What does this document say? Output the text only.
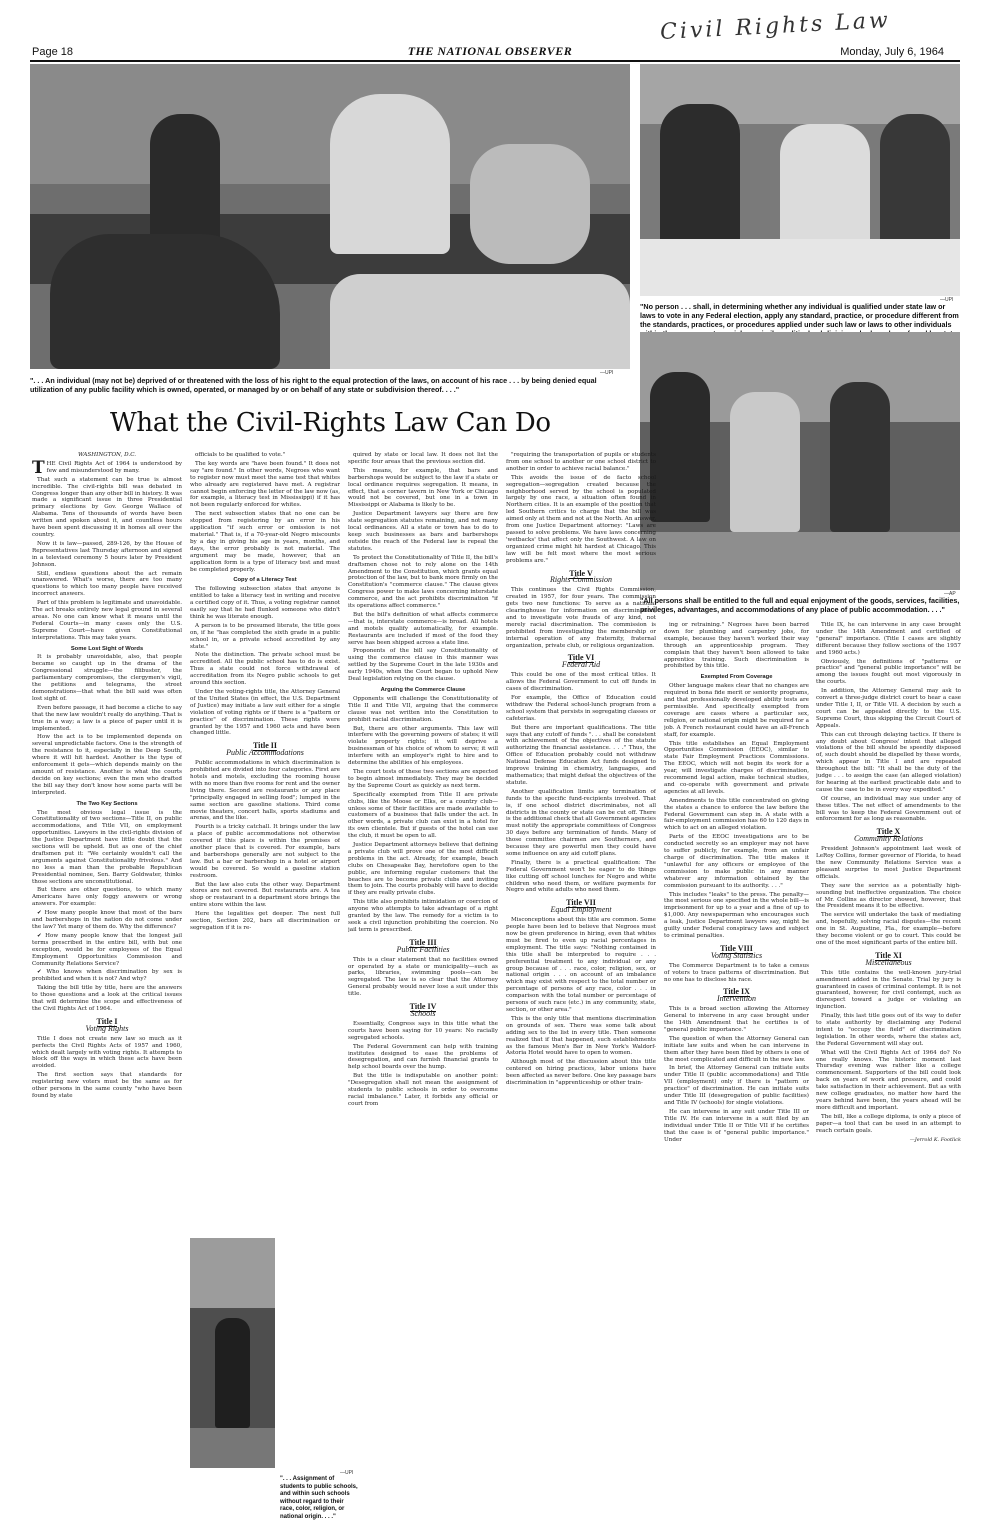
Civil Rights Law
Page 18	THE NATIONAL OBSERVER	Monday, July 6, 1964
—UPI
". . . An individual (may not be) deprived of or threatened with the loss of his right to the equal protection of the laws, on account of his race . . . by being denied equal utilization of any public facility which is owned, operated, or managed by or on behalf of any state or subdivision thereof. . . ."
—UPI
"No person . . . shall, in determining whether any individual is qualified under state law or laws to vote in any Federal election, apply any standard, practice, or procedure different from the standards, practices, or procedures applied under such law or laws to other individuals
—AP
"All persons shall be entitled to the full and equal enjoyment of the goods, services, facilities, privileges, advantages, and accommodations of any place of public accommodation. . . ."
What the Civil-Rights Law Can Do
—UPI
". . . Assignment of students to public schools, and within such schools without regard to their race, color, religion, or national origin. . . ."

WASHINGTON, D.C.

THE Civil Rights Act of 1964 is understood by few and misunderstood by many.

That such a statement can be true is almost incredible. The civil-rights bill was debated in Congress longer than any other bill in history. It was made a significant issue in three Presidential primary elections by Gov. George Wallace of Alabama. Tens of thousands of words have been written and spoken about it, and countless hours have been spent discussing it in homes all over the country.

Now it is law—passed, 289-126, by the House of Representatives last Thursday afternoon and signed in a televised ceremony 5 hours later by President Johnson.

Still, endless questions about the act remain unanswered. What's worse, there are too many questions to which too many people have received incorrect answers.

Part of this problem is legitimate and unavoidable. The act breaks entirely new legal ground in several areas. No one can know what it means until the Federal Courts—in many cases only the U.S. Supreme Court—have given Constitutional interpretations. This may take years.

Some Lost Sight of Words

It is probably unavoidable, also, that people became so caught up in the drama of the Congressional struggle—the filibuster, the parliamentary compromises, the clergymen's vigil, the petitions and telegrams, the street demonstrations—that what the bill said was often lost sight of.

Even before passage, it had become a cliche to say that the new law wouldn't really do anything. That is true in a way; a law is a piece of paper until it is implemented.

How the act is to be implemented depends on several unpredictable factors. One is the strength of the resistance to it, especially in the Deep South, where it will hit hardest. Another is the type of enforcement it gets—which depends mainly on the amount of resistance. Another is what the courts decide on key sections; even the men who drafted the bill say they don't know how some parts will be interpreted.

The Two Key Sections

The most obvious legal issue is the Constitutionality of two sections—Title II, on public accommodations, and Title VII, on employment opportunities. Lawyers in the civil-rights division of the Justice Department have little doubt that the sections will be upheld. But as one of the chief draftsmen put it: "We certainly wouldn't call the arguments against Constitutionality frivolous." And no less a man than the probable Republican Presidential nominee, Sen. Barry Goldwater, thinks those sections are unconstitutional.

But there are other questions, to which many Americans have only foggy answers or wrong answers. For example:

✔ How many people know that most of the bars and barbershops in the nation do not come under the law? Yet many of them do. Why the difference?

✔ How many people know that the longest jail terms prescribed in the entire bill, with but one exception, would be for employees of the Equal Employment Opportunities Commission and Community Relations Service?

✔ Who knows when discrimination by sex is prohibited and when it is not? And why?

Taking the bill title by title, here are the answers to those questions and a look at the critical issues that will determine the scope and effectiveness of the Civil Rights Act of 1964.

Title I
Voting Rights

Title I does not create new law so much as it perfects the Civil Rights Acts of 1957 and 1960, which dealt largely with voting rights. It attempts to block off the ways in which these acts have been avoided.

The first section says that standards for registering new voters must be the same as for other persons in the same county "who have been found by state

officials to be qualified to vote."

The key words are "have been found." It does not say "are found." In other words, Negroes who want to register now must meet the same test that whites who already are registered have met. A registrar cannot begin enforcing the letter of the law now (as, for example, a literacy test in Mississippi) if it has not been regularly enforced for whites.

The next subsection states that no one can be stopped from registering by an error in his application "if such error or omission is not material." That is, if a 70-year-old Negro miscounts by a day in giving his age in years, months, and days, the error probably is not material. The argument may be made, however, that an application form is a type of literacy test and must be completed properly.

Copy of a Literacy Test

The following subsection states that anyone is entitled to take a literacy test in writing and receive a certified copy of it. Thus, a voting registrar cannot easily say that he had flunked someone who didn't think he was literate enough.

A person is to be presumed literate, the title goes on, if he "has completed the sixth grade in a public school in, or a private school accredited by any state."

Note the distinction. The private school must be accredited. All the public school has to do is exist. Thus a state could not force withdrawal of accreditation from its Negro public schools to get around this section.

Under the voting-rights title, the Attorney General of the United States (in effect, the U.S. Department of Justice) may initiate a law suit either for a single violation of voting rights or if there is a "pattern or practice" of discrimination. These rights were granted by the 1957 and 1960 acts and have been changed little.

Title II
Public Accommodations

Public accommodations in which discrimination is prohibited are divided into four categories. First are hotels and motels, excluding the rooming house with no more than five rooms for rent and the owner living there. Second are restaurants or any place "principally engaged in selling food"; lumped in the same section are gasoline stations. Third come movie theaters, concert halls, sports stadiums and arenas, and the like.

Fourth is a tricky catchall. It brings under the law a place of public accommodations not otherwise covered if this place is within the premises of another place that is covered. For example, bars and barbershops generally are not subject to the law. But a bar or barbershop in a hotel or airport would be covered. So would a gasoline station restroom.

But the law also cuts the other way. Department stores are not covered. But restaurants are. A tea shop or restaurant in a department store brings the entire store within the law.

Here the legalities get deeper. The next full section, Section 202, bars all discrimination or segregation if it is re-

quired by state or local law. It does not list the specific four areas that the previous section did.

This means, for example, that bars and barbershops would be subject to the law if a state or local ordinance requires segregation. It means, in effect, that a corner tavern in New York or Chicago would not be covered, but one in a town in Mississippi or Alabama is likely to be.

Justice Department lawyers say there are few state segregation statutes remaining, and not many local ordinances. All a state or town has to do to keep such businesses as bars and barbershops outside the reach of the Federal law is repeal the statutes.

To protect the Constitutionality of Title II, the bill's draftsmen chose not to rely alone on the 14th Amendment to the Constitution, which grants equal protection of the law, but to bank more firmly on the Constitution's "commerce clause." The clause gives Congress power to make laws concerning interstate commerce, and the act prohibits discrimination "if its operations affect commerce."

But the bill's definition of what affects commerce—that is, interstate commerce—is broad. All hotels and motels qualify automatically, for example. Restaurants are included if most of the food they serve has been shipped across a state line.

Proponents of the bill say Constitutionality of using the commerce clause in this manner was settled by the Supreme Court in the late 1930s and early 1940s, when the Court began to uphold New Deal legislation relying on the clause.

Arguing the Commerce Clause

Opponents will challenge the Constitutionality of Title II and Title VII, arguing that the commerce clause was not written into the Constitution to prohibit racial discrimination.

But, there are other arguments. This law will interfere with the governing powers of states; it will violate property rights; it will deprive a businessman of his choice of whom to serve; it will interfere with an employer's right to hire and to determine the abilities of his employees.

The court tests of these two sections are expected to begin almost immediately. They may be decided by the Supreme Court as quickly as next term.

Specifically exempted from Title II are private clubs, like the Moose or Elks, or a country club—unless some of their facilities are made available to customers of a business that falls under the act. In other words, a private club can exist in a hotel for its own clientele. But if guests of the hotel can use the club, it must be open to all.

Justice Department attorneys believe that defining a private club will prove one of the most difficult problems in the act. Already, for example, beach clubs on Chesapeake Bay, heretofore open to the public, are informing regular customers that the beaches are to become private clubs and inviting them to join. The courts probably will have to decide if they are really private clubs.

This title also prohibits intimidation or coercion of anyone who attempts to take advantage of a right granted by the law. The remedy for a victim is to seek a civil injunction prohibiting the coercion. No jail term is prescribed.

Title III
Public Facilities

This is a clear statement that no facilities owned or operated by a state or municipality—such as parks, libraries, swimming pools—can be segregated. The law is so clear that the Attorney General probably would never lose a suit under this title.

Title IV
Schools

Essentially, Congress says in this title what the courts have been saying for 10 years: No racially segregated schools.

The Federal Government can help with training institutes designed to ease the problems of desegregation, and can furnish financial grants to help school boards over the hump.

But the title is indisputable on another point: "Desegregation shall not mean the assignment of students to public schools in order to overcome racial imbalance." Later, it forbids any official or court from

"requiring the transportation of pupils or students from one school to another or one school district to another in order to achieve racial balance."

This avoids the issue of de facto school segregation—segregation created because the neighborhood served by the school is populated largely by one race, a situation often found in Northern cities. It is an example of the position that led Southern critics to charge that the bill was aimed only at them and not at the North. An answer, from one Justice Department attorney: "Laws are passed to solve problems. We have laws concerning 'wetbacks' that affect only the Southwest. A law on organized crime might hit hardest at Chicago. This law will be felt most where the most serious problems are."

Title V
Rights Commission

This continues the Civil Rights Commission, created in 1957, for four years. The commission gets two new functions: To serve as a national clearinghouse for information on discrimination, and to investigate vote frauds of any kind, not merely racial discrimination. The commission is prohibited from investigating the membership or internal operation of any fraternity, fraternal organization, private club, or religious organization.

Title VI
Federal Aid

This could be one of the most critical titles. It allows the Federal Government to cut off funds in cases of discrimination.

For example, the Office of Education could withdraw the Federal school-lunch program from a school system that persists in segregating classes or cafeterias.

But there are important qualifications. The title says that any cutoff of funds ". . . shall be consistent with achievement of the objectives of the statute authorizing the financial assistance. . . ." Thus, the Office of Education probably could not withdraw National Defense Education Act funds designed to improve training in chemistry, languages, and mathematics; that might defeat the objectives of the statute.

Another qualification limits any termination of funds to the specific fund-recipients involved. That is, if one school district discriminates, not all districts in the county or state can be cut off. There is the additional check that all Government agencies must notify the appropriate committees of Congress 30 days before any termination of funds. Many of those committee chairmen are Southerners, and because they are powerful men they could have some influence on any aid cutoff plans.

Finally, there is a practical qualification: The Federal Government won't be eager to do things like cutting off school lunches for Negro and white children who need them, or welfare payments for Negro and white adults who need them.

Title VII
Equal Employment

Misconceptions about this title are common. Some people have been led to believe that Negroes must now be given preference in hiring, even that whites must be fired to even up racial percentages in employment. The title says: "Nothing contained in this title shall be interpreted to require . . . preferential treatment to any individual or any group because of . . . race, color, religion, sex, or national origin . . . on account of an imbalance which may exist with respect to the total number or percentage of persons of any race, color . . . in comparison with the total number or percentage of persons of such race (etc.) in any community, state, section, or other area."

This is the only title that mentions discrimination on grounds of sex. There was some talk about adding sex to the list in every title. Then someone realized that if that happened, such establishments as the famous Men's Bar in New York's Waldorf-Astoria Hotel would have to open to women.

Although most of the discussion about this title centered on hiring practices, labor unions have been affected as never before. One key passage bars discrimination in "apprenticeship or other train-

ing or retraining." Negroes have been barred down for plumbing and carpentry jobs, for example, because they haven't worked their way through an apprenticeship program. They complain that they haven't been allowed to take apprentice training. Such discrimination is prohibited by this title.

Exempted From Coverage

Other language makes clear that no changes are required in bona fide merit or seniority programs, and that professionally developed ability tests are permissible. And specifically exempted from coverage are cases where a particular sex, religion, or national origin might be required for a job. A French restaurant could have an all-French staff, for example.

This title establishes an Equal Employment Opportunities Commission (EEOC), similar to state Fair Employment Practices Commissions. The EEOC, which will not begin its work for a year, will investigate charges of discrimination, recommend legal action, make technical studies, and co-operate with government and private agencies at all levels.

Amendments to this title concentrated on giving the states a chance to enforce the law before the Federal Government can step in. A state with a fair-employment commission has 60 to 120 days in which to act on an alleged violation.

Parts of the EEOC investigations are to be conducted secretly so an employer may not have to suffer publicly, for example, from an unfair charge of discrimination. The title makes it "unlawful for any officers or employee of the commission to make public in any manner whatever any information obtained by the commission pursuant to its authority. . . ."

This includes "leaks" to the press. The penalty—the most serious one specified in the whole bill—is imprisonment for up to a year and a fine of up to $1,000. Any newspaperman who encourages such a leak, Justice Department lawyers say, might be guilty under Federal conspiracy laws and subject to criminal penalties.

Title VIII
Voting Statistics

The Commerce Department is to take a census of voters to trace patterns of discrimination. But no one has to disclose his race.

Title IX
Intervention

This is a broad section allowing the Attorney General to intervene in any case brought under the 14th Amendment that he certifies is of "general public importance."

The question of when the Attorney General can initiate law suits and when he can intervene in them after they have been filed by others is one of the most complicated and difficult in the new law.

In brief, the Attorney General can initiate suits under Title II (public accommodations) and Title VII (employment) only if there is "pattern or practice" of discrimination. He can initiate suits under Title III (desegregation of public facilities) and Title IV (schools) for single violations.

He can intervene in any suit under Title III or Title IV. He can intervene in a suit filed by an individual under Title II or Title VII if he certifies that the case is of "general public importance." Under

Title IX, he can intervene in any case brought under the 14th Amendment and certified of "general" importance. (Title I cases are slightly different because they follow sections of the 1957 and 1960 acts.)

Obviously, the definitions of "patterns or practice" and "general public importance" will be among the issues fought out most vigorously in the courts.

In addition, the Attorney General may ask to convert a three-judge district court to hear a case under Title I, II, or Title VII. A decision by such a court can be appealed directly to the U.S. Supreme Court, thus skipping the Circuit Court of Appeals.

This can cut through delaying tactics. If there is any doubt about Congress' intent that alleged violations of the bill should be speedily disposed of, such doubt should be dispelled by these words, which appear in Title I and are repeated throughout the bill: "It shall be the duty of the judge . . . to assign the case (an alleged violation) for hearing at the earliest practicable date and to cause the case to be in every way expedited."

Of course, an individual may sue under any of these titles. The net effect of amendments to the bill was to keep the Federal Government out of enforcement for as long as reasonable.

Title X
Community Relations

President Johnson's appointment last week of LeRoy Collins, former governor of Florida, to head the new Community Relations Service was a pleasant surprise to most Justice Department officials.

They saw the service as a potentially high-sounding but ineffective organization. The choice of Mr. Collins as director showed, however, that the President means it to be effective.

The service will undertake the task of mediating and, hopefully, solving racial disputes—the recent one in St. Augustine, Fla., for example—before they become violent or go to court. This could be one of the most significant parts of the entire bill.

Title XI
Miscellaneous

This title contains the well-known jury-trial amendment added in the Senate. Trial by jury is guaranteed in cases of criminal contempt. It is not guaranteed, however, for civil contempt, such as disrespect toward a judge or violating an injunction.

Finally, this last title goes out of its way to defer to state authority by disclaiming any Federal intent to "occupy the field" of discrimination legislation. In other words, where the states act, the Federal Government will stay out.

What will the Civil Rights Act of 1964 do? No one really knows. The historic moment last Thursday evening was rather like a college commencement. Supporters of the bill could look back on years of work and pressure, and could take satisfaction in their achievement. But as with new college graduates, no matter how hard the years behind have been, the years ahead will be more difficult and important.

The bill, like a college diploma, is only a piece of paper—a tool that can be used in an attempt to reach certain goals.

—Jerrold K. Footlick
